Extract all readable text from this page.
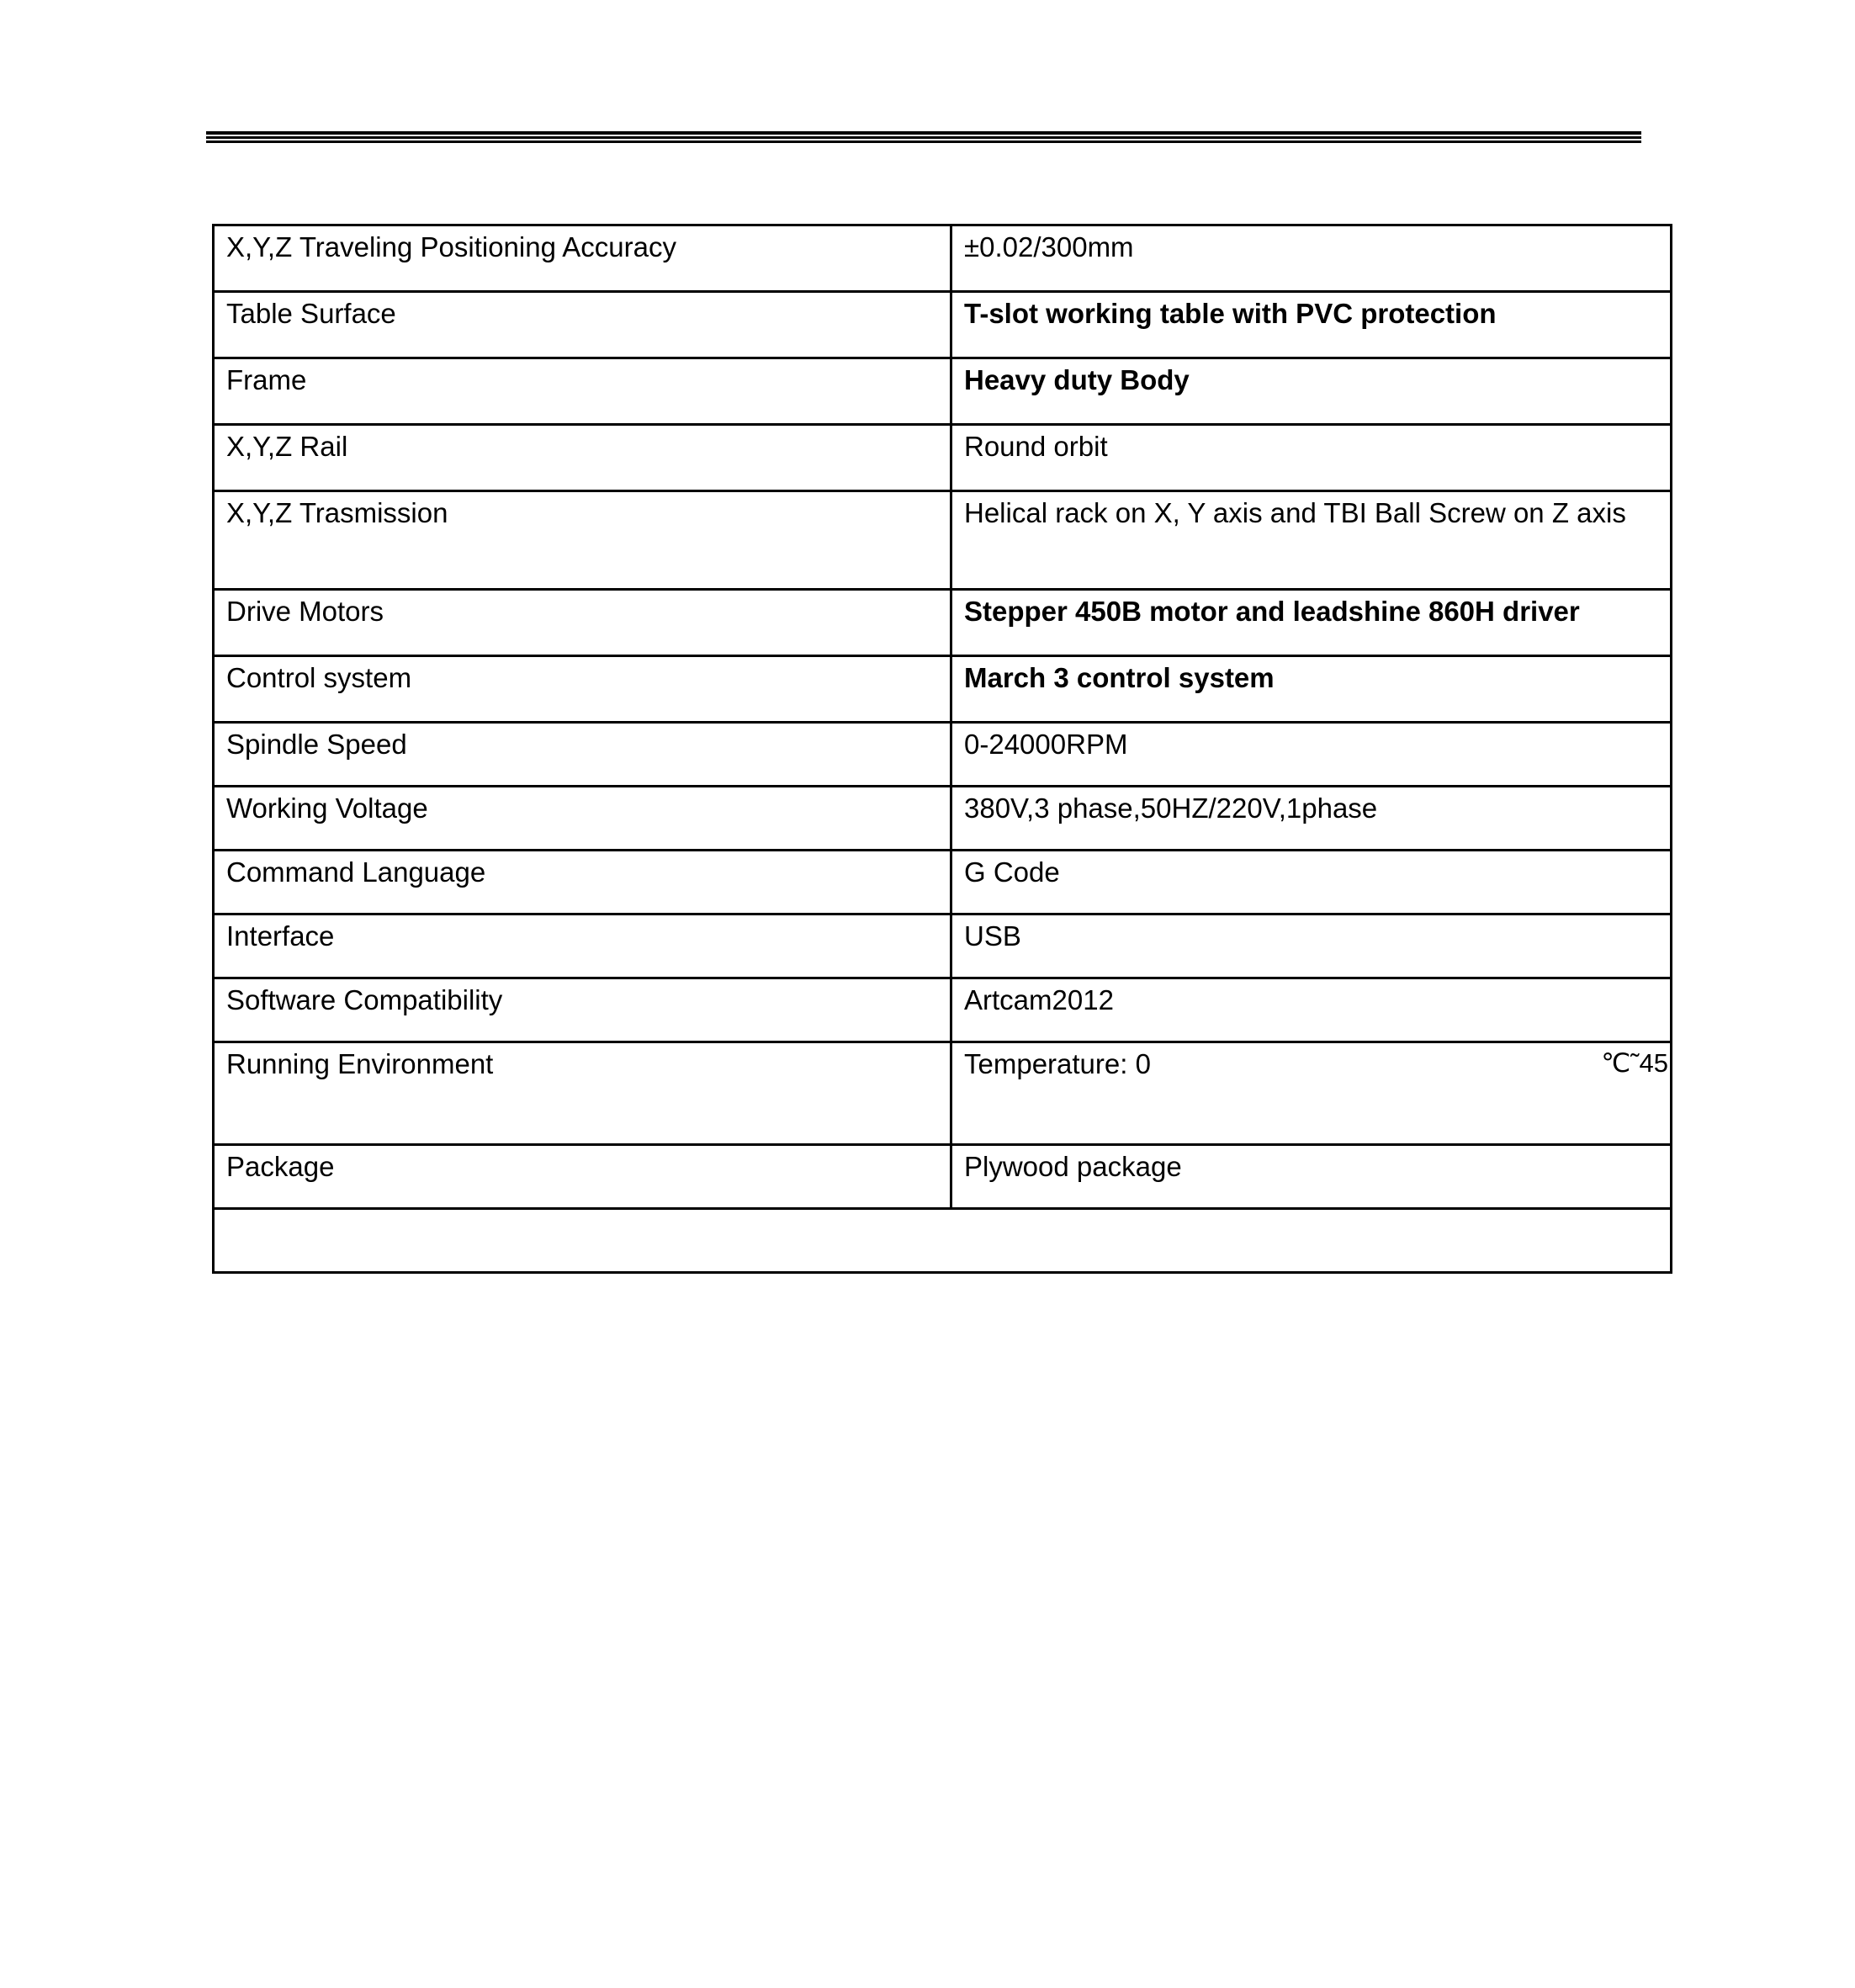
X,Y,Z Traveling Positioning Accuracy	±0.02/300mm
Table Surface	T-slot working table with PVC protection
Frame	Heavy duty Body
X,Y,Z Rail	Round orbit
X,Y,Z Trasmission	Helical rack on X, Y axis and TBI Ball Screw on Z axis
Drive Motors	Stepper 450B motor and leadshine 860H driver
Control system	March 3 control system
Spindle Speed	0-24000RPM
Working Voltage	380V,3 phase,50HZ/220V,1phase
Command Language	G Code
Interface	USB
Software Compatibility	Artcam2012
Running Environment	Temperature: 0 ℃˜45

Package	Plywood package
